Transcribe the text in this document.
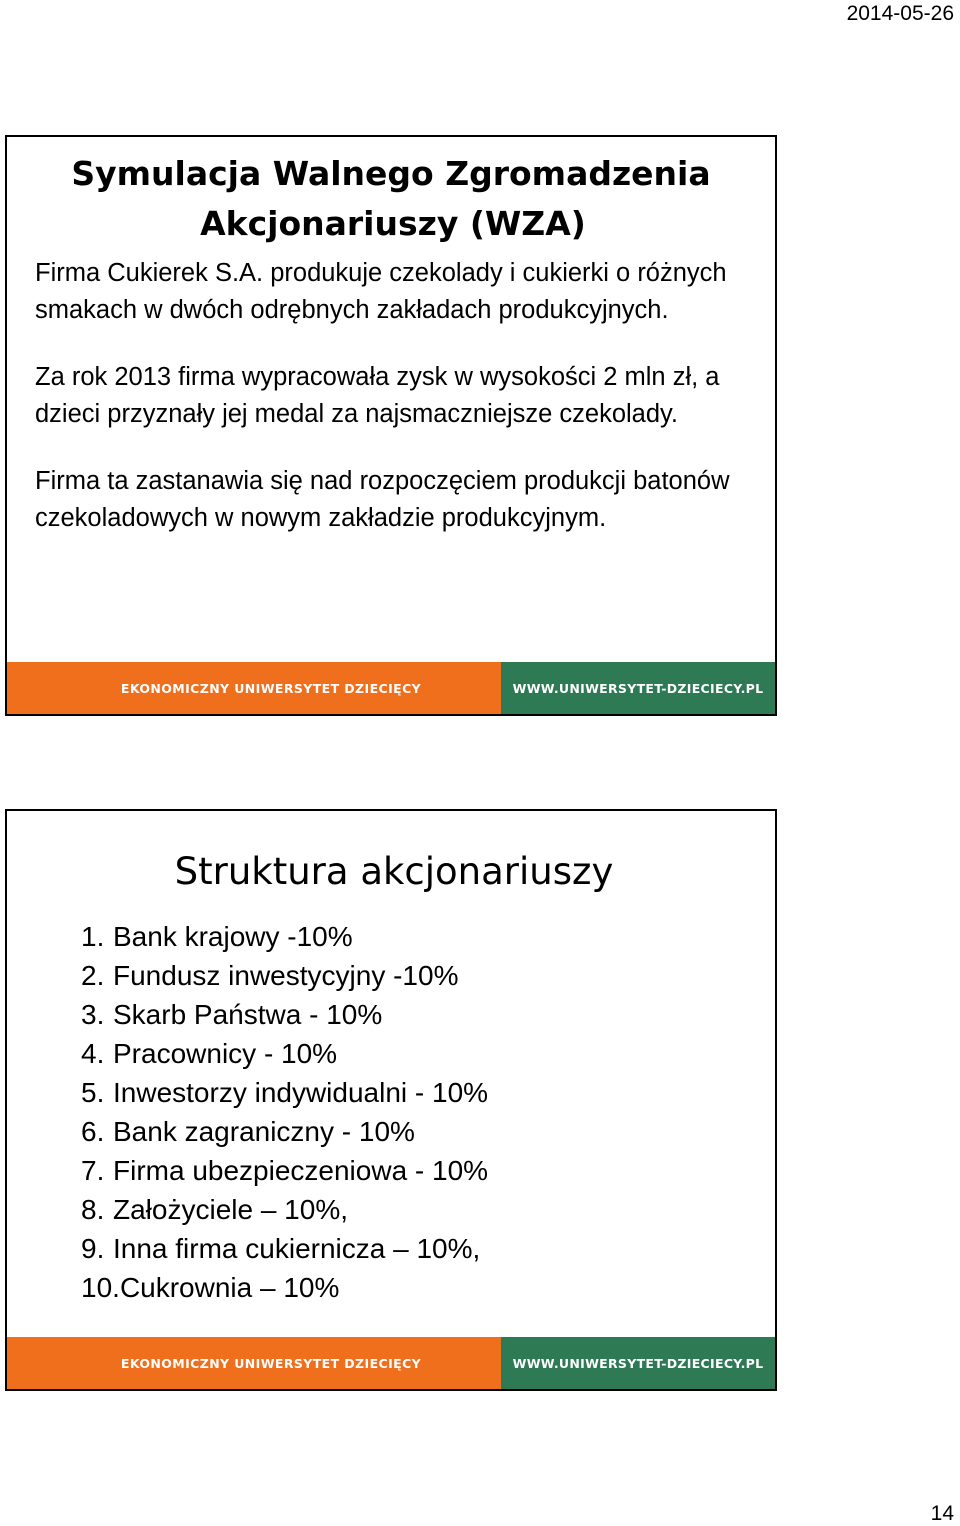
2014-05-26
Symulacja Walnego Zgromadzenia
Akcjonariuszy (WZA)

Firma Cukierek S.A. produkuje czekolady i cukierki o różnych smakach w dwóch odrębnych zakładach produkcyjnych.

Za rok 2013 firma wypracowała zysk w wysokości 2 mln zł, a dzieci przyznały jej medal za najsmaczniejsze czekolady.

Firma ta zastanawia się nad rozpoczęciem produkcji batonów czekoladowych w nowym zakładzie produkcyjnym.

EKONOMICZNY UNIWERSYTET DZIECIĘCY	WWW.UNIWERSYTET-DZIECIECY.PL
Struktura akcjonariuszy
1. Bank krajowy -10%
2. Fundusz inwestycyjny -10%
3. Skarb Państwa - 10%
4. Pracownicy - 10%
5. Inwestorzy indywidualni - 10%
6. Bank zagraniczny - 10%
7. Firma ubezpieczeniowa - 10%
8. Założyciele – 10%,
9. Inna firma cukiernicza – 10%,
10. Cukrownia – 10%
EKONOMICZNY UNIWERSYTET DZIECIĘCY	WWW.UNIWERSYTET-DZIECIECY.PL
14
